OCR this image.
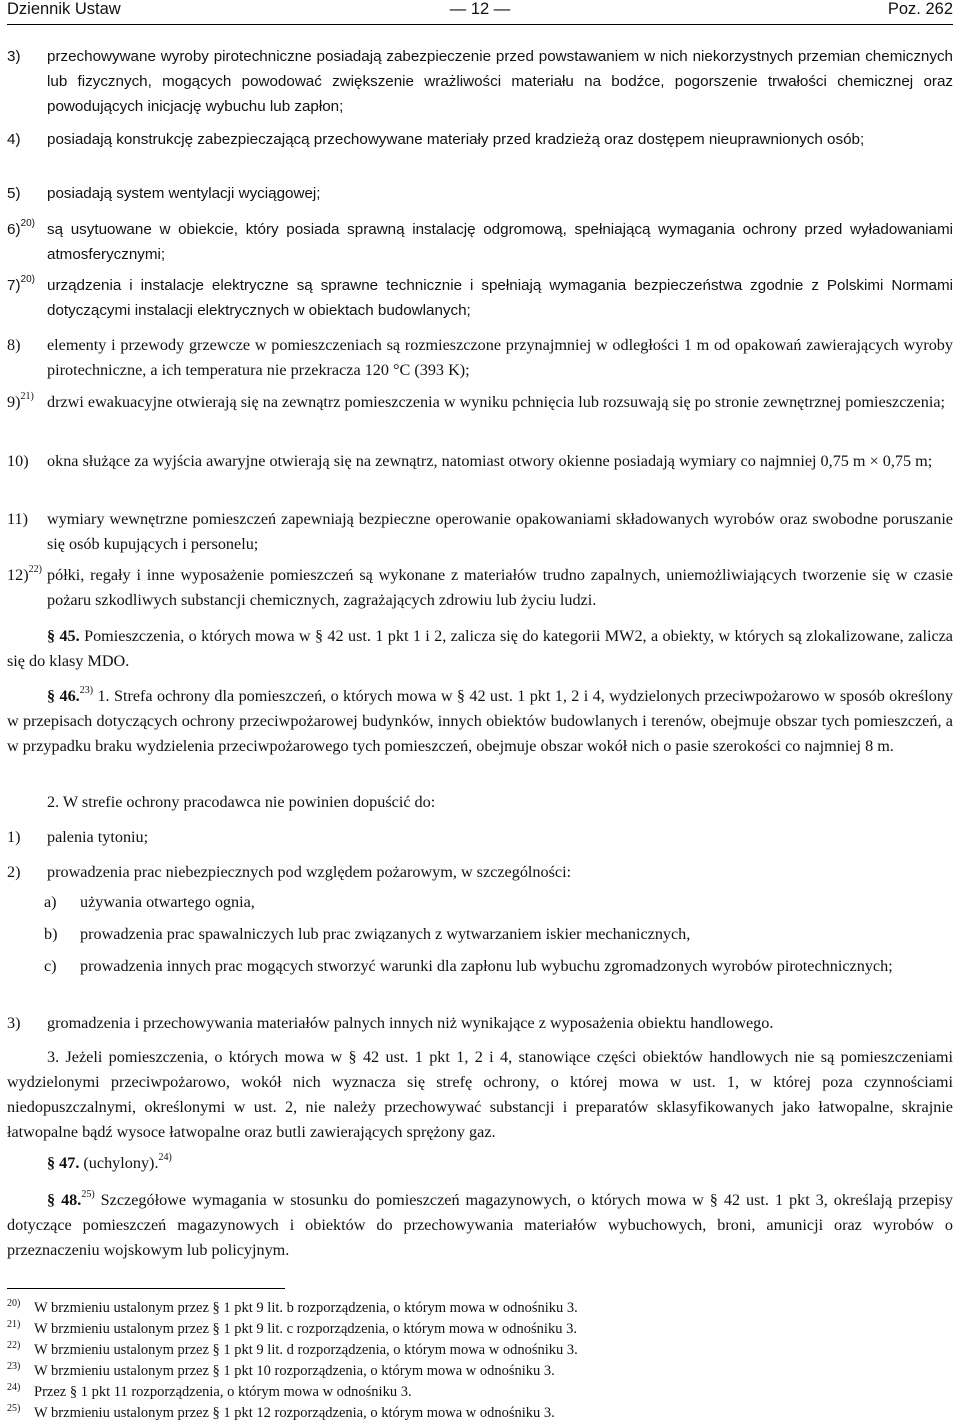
Dziennik Ustaw	— 12 —	Poz. 262
3) przechowywane wyroby pirotechniczne posiadają zabezpieczenie przed powstawaniem w nich niekorzystnych przemian chemicznych lub fizycznych, mogących powodować zwiększenie wrażliwości materiału na bodźce, pogorszenie trwałości chemicznej oraz powodujących inicjację wybuchu lub zapłon;
4) posiadają konstrukcję zabezpieczającą przechowywane materiały przed kradzieżą oraz dostępem nieuprawnionych osób;
5) posiadają system wentylacji wyciągowej;
6)$^{20)}$ są usytuowane w obiekcie, który posiada sprawną instalację odgromową, spełniającą wymagania ochrony przed wyładowaniami atmosferycznymi;
7)$^{20)}$ urządzenia i instalacje elektryczne są sprawne technicznie i spełniają wymagania bezpieczeństwa zgodnie z Polskimi Normami dotyczącymi instalacji elektrycznych w obiektach budowlanych;
8) elementy i przewody grzewcze w pomieszczeniach są rozmieszczone przynajmniej w odległości 1 m od opakowań zawierających wyroby pirotechniczne, a ich temperatura nie przekracza 120 °C (393 K);
9)$^{21)}$ drzwi ewakuacyjne otwierają się na zewnątrz pomieszczenia w wyniku pchnięcia lub rozsuwają się po stronie zewnętrznej pomieszczenia;
10) okna służące za wyjścia awaryjne otwierają się na zewnątrz, natomiast otwory okienne posiadają wymiary co najmniej 0,75 m × 0,75 m;
11) wymiary wewnętrzne pomieszczeń zapewniają bezpieczne operowanie opakowaniami składowanych wyrobów oraz swobodne poruszanie się osób kupujących i personelu;
12)$^{22)}$ półki, regały i inne wyposażenie pomieszczeń są wykonane z materiałów trudno zapalnych, uniemożliwiających tworzenie się w czasie pożaru szkodliwych substancji chemicznych, zagrażających zdrowiu lub życiu ludzi.
§ 45. Pomieszczenia, o których mowa w § 42 ust. 1 pkt 1 i 2, zalicza się do kategorii MW2, a obiekty, w których są zlokalizowane, zalicza się do klasy MDO.
§ 46.$^{23)}$ 1. Strefa ochrony dla pomieszczeń, o których mowa w § 42 ust. 1 pkt 1, 2 i 4, wydzielonych przeciwpożarowo w sposób określony w przepisach dotyczących ochrony przeciwpożarowej budynków, innych obiektów budowlanych i terenów, obejmuje obszar tych pomieszczeń, a w przypadku braku wydzielenia przeciwpożarowego tych pomieszczeń, obejmuje obszar wokół nich o pasie szerokości co najmniej 8 m.
2. W strefie ochrony pracodawca nie powinien dopuścić do:
1) palenia tytoniu;
2) prowadzenia prac niebezpiecznych pod względem pożarowym, w szczególności:
a) używania otwartego ognia,
b) prowadzenia prac spawalniczych lub prac związanych z wytwarzaniem iskier mechanicznych,
c) prowadzenia innych prac mogących stworzyć warunki dla zapłonu lub wybuchu zgromadzonych wyrobów pirotechnicznych;
3) gromadzenia i przechowywania materiałów palnych innych niż wynikające z wyposażenia obiektu handlowego.
3. Jeżeli pomieszczenia, o których mowa w § 42 ust. 1 pkt 1, 2 i 4, stanowiące części obiektów handlowych nie są pomieszczeniami wydzielonymi przeciwpożarowo, wokół nich wyznacza się strefę ochrony, o której mowa w ust. 1, w której poza czynnościami niedopuszczalnymi, określonymi w ust. 2, nie należy przechowywać substancji i preparatów sklasyfikowanych jako łatwopalne, skrajnie łatwopalne bądź wysoce łatwopalne oraz butli zawierających sprężony gaz.
§ 47. (uchylony).$^{24)}$
§ 48.$^{25)}$ Szczegółowe wymagania w stosunku do pomieszczeń magazynowych, o których mowa w § 42 ust. 1 pkt 3, określają przepisy dotyczące pomieszczeń magazynowych i obiektów do przechowywania materiałów wybuchowych, broni, amunicji oraz wyrobów o przeznaczeniu wojskowym lub policyjnym.
20) W brzmieniu ustalonym przez § 1 pkt 9 lit. b rozporządzenia, o którym mowa w odnośniku 3.
21) W brzmieniu ustalonym przez § 1 pkt 9 lit. c rozporządzenia, o którym mowa w odnośniku 3.
22) W brzmieniu ustalonym przez § 1 pkt 9 lit. d rozporządzenia, o którym mowa w odnośniku 3.
23) W brzmieniu ustalonym przez § 1 pkt 10 rozporządzenia, o którym mowa w odnośniku 3.
24) Przez § 1 pkt 11 rozporządzenia, o którym mowa w odnośniku 3.
25) W brzmieniu ustalonym przez § 1 pkt 12 rozporządzenia, o którym mowa w odnośniku 3.
